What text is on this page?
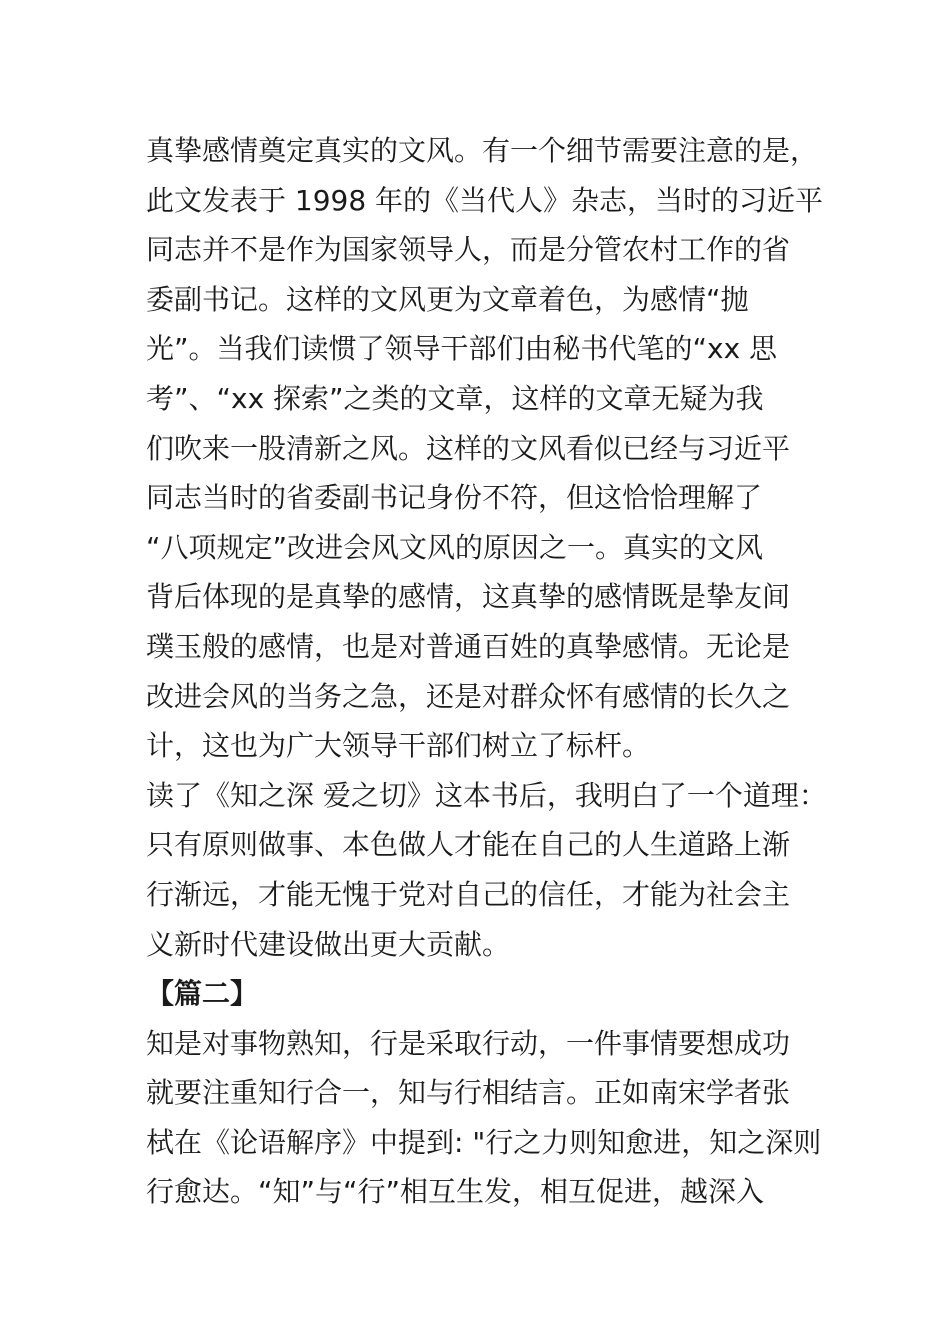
真挚感情奠定真实的文风。有一个细节需要注意的是，
此文发表于 1998 年的《当代人》杂志，当时的习近平
同志并不是作为国家领导人，而是分管农村工作的省
委副书记。这样的文风更为文章着色，为感情“抛
光”。当我们读惯了领导干部们由秘书代笔的“xx 思
考”、“xx 探索”之类的文章，这样的文章无疑为我
们吹来一股清新之风。这样的文风看似已经与习近平
同志当时的省委副书记身份不符，但这恰恰理解了
“八项规定”改进会风文风的原因之一。真实的文风
背后体现的是真挚的感情，这真挚的感情既是挚友间
璞玉般的感情，也是对普通百姓的真挚感情。无论是
改进会风的当务之急，还是对群众怀有感情的长久之
计，这也为广大领导干部们树立了标杆。
读了《知之深 爱之切》这本书后，我明白了一个道理：
只有原则做事、本色做人才能在自己的人生道路上渐
行渐远，才能无愧于党对自己的信任，才能为社会主
义新时代建设做出更大贡献。
【篇二】
知是对事物熟知，行是采取行动，一件事情要想成功
就要注重知行合一，知与行相结言。正如南宋学者张
栻在《论语解序》中提到: "行之力则知愈进，知之深则
行愈达。“知”与“行”相互生发，相互促进，越深入
